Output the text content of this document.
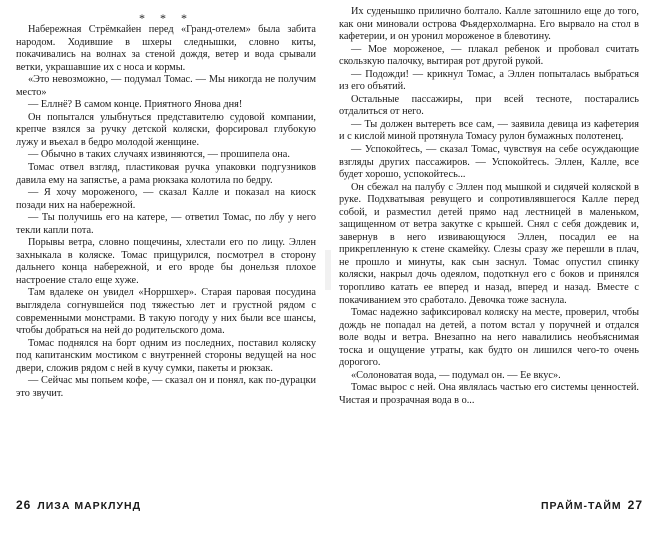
* * *

Набережная Стрёмкайен перед «Гранд-отелем» была забита народом. Ходившие в шхеры следнышки, словно киты, покачивались на волнах за стеной дождя, ветер и вода срывали ветки, украшавшие их с носа и кормы.

«Это невозможно, — подумал Томас. — Мы никогда не получим место»

— Еллнё? В самом конце. Приятного Янова дня!

Он попытался улыбнуться представителю судовой компании, крепче взялся за ручку детской коляски, форсировал глубокую лужу и въехал в бедро молодой женщине.

— Обычно в таких случаях извиняются, — прошипела она.

Томас отвел взгляд, пластиковая ручка упаковки подгузников давила ему на запястье, а рама рюкзака колотила по бедру.

— Я хочу мороженого, — сказал Калле и показал на киоск позади них на набережной.

— Ты получишь его на катере, — ответил Томас, по лбу у него текли капли пота.

Порывы ветра, словно пощечины, хлестали его по лицу. Эллен захныкала в коляске. Томас прищурился, посмотрел в сторону дальнего конца набережной, и его вроде бы донельзя плохое настроение стало еще хуже.

Там вдалеке он увидел «Норршхер». Старая паровая посудина выглядела согнувшейся под тяжестью лет и грустной рядом с современными монстрами. В такую погоду у них были все шансы, чтобы добраться на ней до родительского дома.

Томас поднялся на борт одним из последних, поставил коляску под капитанским мостиком с внутренней стороны ведущей на нос двери, сложив рядом с ней в кучу сумки, пакеты и рюкзак.

— Сейчас мы попьем кофе, — сказал он и понял, как по-дурацки это звучит.

Их суденышко прилично болтало. Калле затошнило еще до того, как они миновали острова Фьядерхолмарна. Его вырвало на стол в кафетерии, и он уронил мороженое в блевотину.

— Мое мороженое, — плакал ребенок и пробовал считать скользкую палочку, вытирая рот другой рукой.

— Подожди! — крикнул Томас, а Эллен попыталась выбраться из его объятий.

Остальные пассажиры, при всей тесноте, постарались отдалиться от него.

— Ты должен вытереть все сам, — заявила девица из кафетерия и с кислой миной протянула Томасу рулон бумажных полотенец.

— Успокойтесь, — сказал Томас, чувствуя на себе осуждающие взгляды других пассажиров. — Успокойтесь. Эллен, Калле, все будет хорошо, успокойтесь...

Он сбежал на палубу с Эллен под мышкой и сидячей коляской в руке. Подхватывая ревущего и сопротивлявшегося Калле перед собой, и разместил детей прямо над лестницей в маленьком, защищенном от ветра закутке с крышей. Снял с себя дождевик и, завернув в него извивающуюся Эллен, посадил ее на прикрепленную к стене скамейку. Слезы сразу же перешли в плач, не прошло и минуты, как сын заснул. Томас опустил спинку коляски, накрыл дочь одеялом, подоткнул его с боков и принялся торопливо катать ее вперед и назад, вперед и назад. Вместе с покачиванием это сработало. Девочка тоже заснула.

Томас надежно зафиксировал коляску на месте, проверил, чтобы дождь не попадал на детей, а потом встал у поручней и отдался воле воды и ветра. Внезапно на него навалились необъяснимая тоска и ощущение утраты, как будто он лишился чего-то очень дорогого.

«Солоноватая вода, — подумал он. — Ее вкус».

Томас вырос с ней. Она являлась частью его системы ценностей. Чистая и прозрачная вода в о...

26 ЛИЗА МАРКЛУНД	ПРАЙМ-ТАЙМ 27
